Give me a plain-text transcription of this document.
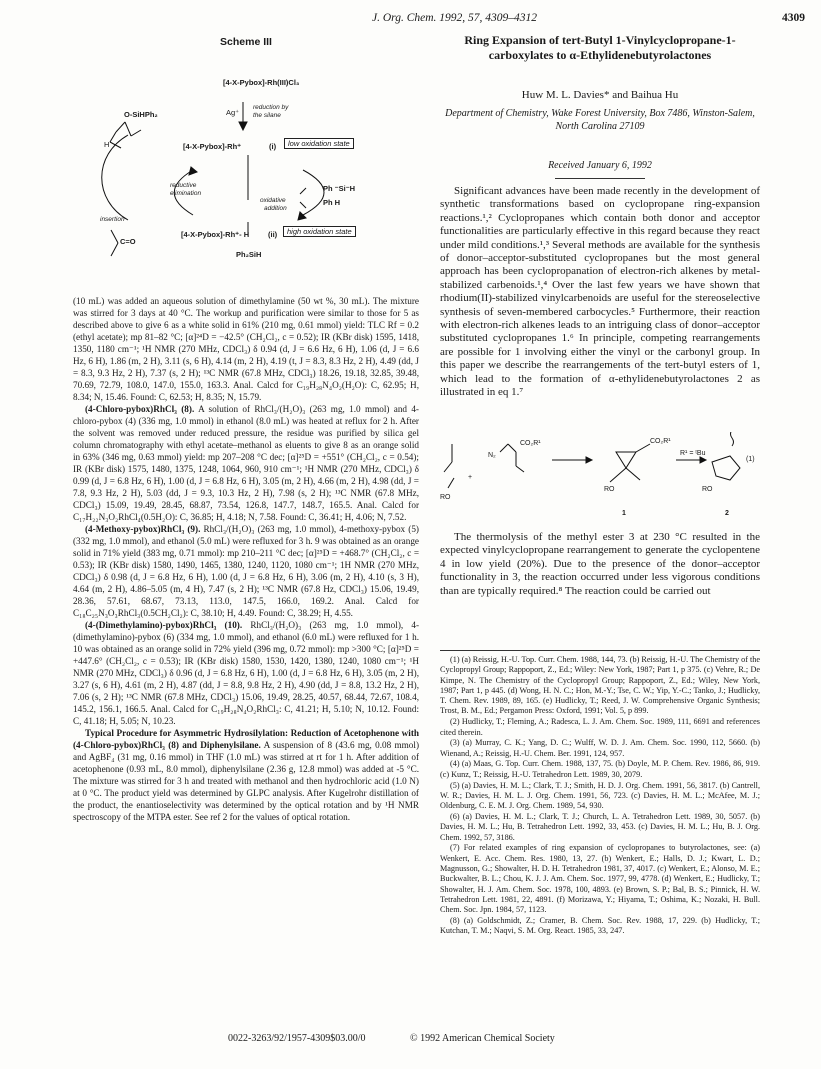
J. Org. Chem. 1992, 57, 4309–4312	4309
Scheme III
[4-X-Pybox]-Rh(III)Cl₃
Ag⁺
reduction by
the silane
O-SiHPh₂
H	[4-X-Pybox]-Rh⁺	(i)	low oxidation state
reductive
elimination
oxidative
addition
Ph ⁻Si⁻H
Ph H
insertion
[4-X-Pybox]-Rh⁺- H	(ii)	high oxidation state
C=O
Ph₂SiH

(10 mL) was added an aqueous solution of dimethylamine (50 wt %, 30 mL). The mixture was stirred for 3 days at 40 °C. The workup and purification were similar to those for 5 as described above to give 6 as a white solid in 61% (210 mg, 0.61 mmol) yield: TLC Rf = 0.2 (ethyl acetate); mp 81–82 °C; [α]²⁴D = −42.5° (CH₂Cl₂, c = 0.52); IR (KBr disk) 1595, 1418, 1350, 1180 cm⁻¹; ¹H NMR (270 MHz, CDCl₃) δ 0.94 (d, J = 6.6 Hz, 6 H), 1.06 (d, J = 6.6 Hz, 6 H), 1.86 (m, 2 H), 3.11 (s, 6 H), 4.14 (m, 2 H), 4.19 (t, J = 8.3, 8.3 Hz, 2 H), 4.49 (dd, J = 8.3, 9.3 Hz, 2 H), 7.37 (s, 2 H); ¹³C NMR (67.8 MHz, CDCl₃) 18.26, 19.18, 32.85, 39.48, 70.69, 72.79, 108.0, 147.0, 155.0, 163.3. Anal. Calcd for C₁₉H₂₈N₄O₂(H₂O): C, 62.95; H, 8.34; N, 15.46. Found: C, 62.53; H, 8.35; N, 15.79.

(4-Chloro-pybox)RhCl₃ (8). A solution of RhCl₃/(H₂O)₃ (263 mg, 1.0 mmol) and 4-chloro-pybox (4) (336 mg, 1.0 mmol) in ethanol (8.0 mL) was heated at reflux for 2 h. After the solvent was removed under reduced pressure, the residue was purified by silica gel column chromatography with ethyl acetate–methanol as eluents to give 8 as an orange solid in 63% (346 mg, 0.63 mmol) yield: mp 207–208 °C dec; [α]²⁵D = +551° (CH₂Cl₂, c = 0.54); IR (KBr disk) 1575, 1480, 1375, 1248, 1064, 960, 910 cm⁻¹; ¹H NMR (270 MHz, CDCl₃) δ 0.99 (d, J = 6.8 Hz, 6 H), 1.00 (d, J = 6.8 Hz, 6 H), 3.05 (m, 2 H), 4.66 (m, 2 H), 4.98 (dd, J = 7.8, 9.3 Hz, 2 H), 5.03 (dd, J = 9.3, 10.3 Hz, 2 H), 7.98 (s, 2 H); ¹³C NMR (67.8 MHz, CDCl₃) 15.09, 19.49, 28.45, 68.87, 73.54, 126.8, 147.7, 148.7, 165.5. Anal. Calcd for C₁₇H₂₂N₃O₂RhCl₄(0.5H₂O): C, 36.85; H, 4.18; N, 7.58. Found: C, 36.41; H, 4.06; N, 7.52.

(4-Methoxy-pybox)RhCl₃ (9). RhCl₃/(H₂O)₃ (263 mg, 1.0 mmol), 4-methoxy-pybox (5) (332 mg, 1.0 mmol), and ethanol (5.0 mL) were refluxed for 3 h. 9 was obtained as an orange solid in 71% yield (383 mg, 0.71 mmol): mp 210–211 °C dec; [α]²⁵D = +468.7° (CH₂Cl₂, c = 0.53); IR (KBr disk) 1580, 1490, 1465, 1380, 1240, 1120, 1080 cm⁻¹; 1H NMR (270 MHz, CDCl₃) δ 0.98 (d, J = 6.8 Hz, 6 H), 1.00 (d, J = 6.8 Hz, 6 H), 3.06 (m, 2 H), 4.10 (s, 3 H), 4.64 (m, 2 H), 4.86–5.05 (m, 4 H), 7.47 (s, 2 H); ¹³C NMR (67.8 Hz, CDCl₃) 15.06, 19.49, 28.36, 57.61, 68.67, 73.13, 113.0, 147.5, 166.0, 169.2. Anal. Calcd for C₁₈C₂₅N₃O₃RhCl₃(0.5CH₂Cl₂): C, 38.10; H, 4.49. Found: C, 38.29; H, 4.55.

(4-(Dimethylamino)-pybox)RhCl₃ (10). RhCl₃/(H₂O)₃ (263 mg, 1.0 mmol), 4-(dimethylamino)-pybox (6) (334 mg, 1.0 mmol), and ethanol (6.0 mL) were refluxed for 1 h. 10 was obtained as an orange solid in 72% yield (396 mg, 0.72 mmol): mp >300 °C; [α]²⁵D = +447.6° (CH₂Cl₂, c = 0.53); IR (KBr disk) 1580, 1530, 1420, 1380, 1240, 1080 cm⁻¹; ¹H NMR (270 MHz, CDCl₃) δ 0.96 (d, J = 6.8 Hz, 6 H), 1.00 (d, J = 6.8 Hz, 6 H), 3.05 (m, 2 H), 3.27 (s, 6 H), 4.61 (m, 2 H), 4.87 (dd, J = 8.8, 9.8 Hz, 2 H), 4.90 (dd, J = 8.8, 13.2 Hz, 2 H), 7.06 (s, 2 H); ¹³C NMR (67.8 MHz, CDCl₃) 15.06, 19.49, 28.25, 40.57, 68.44, 72.67, 108.4, 145.2, 156.1, 166.5. Anal. Calcd for C₁₉H₂₈N₄O₂RhCl₃: C, 41.21; H, 5.10; N, 10.12. Found: C, 41.18; H, 5.05; N, 10.23.

Typical Procedure for Asymmetric Hydrosilylation: Reduction of Acetophenone with (4-Chloro-pybox)RhCl₃ (8) and Diphenylsilane. A suspension of 8 (43.6 mg, 0.08 mmol) and AgBF₄ (31 mg, 0.16 mmol) in THF (1.0 mL) was stirred at rt for 1 h. After addition of acetophenone (0.93 mL, 8.0 mmol), diphenylsilane (2.36 g, 12.8 mmol) was added at -5 °C. The mixture was stirred for 3 h and treated with methanol and then hydrochloric acid (1.0 N) at 0 °C. The product yield was determined by GLPC analysis. After Kugelrohr distillation of the product, the enantioselectivity was determined by the optical rotation and by ¹H NMR spectroscopy of the MTPA ester. See ref 2 for the values of optical rotation.

Ring Expansion of tert-Butyl 1-Vinylcyclopropane-1-carboxylates to α-Ethylidenebutyrolactones
Huw M. L. Davies* and Baihua Hu
Department of Chemistry, Wake Forest University, Box 7486, Winston-Salem, North Carolina 27109
Received January 6, 1992

Significant advances have been made recently in the development of synthetic transformations based on cyclopropane ring-expansion reactions.¹,² Cyclopropanes which contain both donor and acceptor functionalities are particularly effective in this regard because they react under mild conditions.¹,³ Several methods are available for the synthesis of donor–acceptor-substituted cyclopropanes but the most general approach has been cyclopropanation of electron-rich alkenes by metal-stabilized carbenoids.¹,⁴ Over the last few years we have shown that rhodium(II)-stabilized vinylcarbenoids are useful for the stereoselective synthesis of seven-membered carbocycles.⁵ Furthermore, their reaction with electron-rich alkenes leads to an intriguing class of donor–acceptor substituted cyclopropanes 1.⁶ In principle, competing rearrangements are possible for 1 involving either the vinyl or the carbonyl group. In this paper we describe the rearrangements of the tert-butyl esters of 1, which lead to the formation of α-ethylidenebutyrolactones 2 as illustrated in eq 1.⁷

N₂
CO₂R¹
+
RO
CO₂R¹
RO
R¹ = ᵗBu
RO
(1)
1	2

The thermolysis of the methyl ester 3 at 230 °C resulted in the expected vinylcyclopropane rearrangement to generate the cyclopentene 4 in low yield (20%). Due to the presence of the donor–acceptor functionality in 3, the reaction occurred under less vigorous conditions than are typically required.⁸ The reaction could be carried out

(1) (a) Reissig, H.-U. Top. Curr. Chem. 1988, 144, 73. (b) Reissig, H.-U. The Chemistry of the Cyclopropyl Group; Rappoport, Z., Ed.; Wiley: New York, 1987; Part 1, p 375. (c) Vehre, R.; De Kimpe, N. The Chemistry of the Cyclopropyl Group; Rappoport, Z., Ed.; Wiley, New York, 1987; Part 1, p 445. (d) Wong, H. N. C.; Hon, M.-Y.; Tse, C. W.; Yip, Y.-C.; Tanko, J.; Hudlicky, T. Chem. Rev. 1989, 89, 165. (e) Hudlicky, T.; Reed, J. W. Comprehensive Organic Synthesis; Trost, B. M., Ed.; Pergamon Press: Oxford, 1991; Vol. 5, p 899.

(2) Hudlicky, T.; Fleming, A.; Radesca, L. J. Am. Chem. Soc. 1989, 111, 6691 and references cited therein.

(3) (a) Murray, C. K.; Yang, D. C.; Wulff, W. D. J. Am. Chem. Soc. 1990, 112, 5660. (b) Wienand, A.; Reissig, H.-U. Chem. Ber. 1991, 124, 957.

(4) (a) Maas, G. Top. Curr. Chem. 1988, 137, 75. (b) Doyle, M. P. Chem. Rev. 1986, 86, 919. (c) Kunz, T.; Reissig, H.-U. Tetrahedron Lett. 1989, 30, 2079.

(5) (a) Davies, H. M. L.; Clark, T. J.; Smith, H. D. J. Org. Chem. 1991, 56, 3817. (b) Cantrell, W. R.; Davies, H. M. L. J. Org. Chem. 1991, 56, 723. (c) Davies, H. M. L.; McAfee, M. J.; Oldenburg, C. E. M. J. Org. Chem. 1989, 54, 930.

(6) (a) Davies, H. M. L.; Clark, T. J.; Church, L. A. Tetrahedron Lett. 1989, 30, 5057. (b) Davies, H. M. L.; Hu, B. Tetrahedron Lett. 1992, 33, 453. (c) Davies, H. M. L.; Hu, B. J. Org. Chem. 1992, 57, 3186.

(7) For related examples of ring expansion of cyclopropanes to butyrolactones, see: (a) Wenkert, E. Acc. Chem. Res. 1980, 13, 27. (b) Wenkert, E.; Halls, D. J.; Kwart, L. D.; Magnusson, G.; Showalter, H. D. H. Tetrahedron 1981, 37, 4017. (c) Wenkert, E.; Alonso, M. E.; Buckwalter, B. L.; Chou, K. J. J. Am. Chem. Soc. 1977, 99, 4778. (d) Wenkert, E.; Hudlicky, T.; Showalter, H. J. Am. Chem. Soc. 1978, 100, 4893. (e) Brown, S. P.; Bal, B. S.; Pinnick, H. W. Tetrahedron Lett. 1981, 22, 4891. (f) Morizawa, Y.; Hiyama, T.; Oshima, K.; Nozaki, H. Bull. Chem. Soc. Jpn. 1984, 57, 1123.

(8) (a) Goldschmidt, Z.; Cramer, B. Chem. Soc. Rev. 1988, 17, 229. (b) Hudlicky, T.; Kutchan, T. M.; Naqvi, S. M. Org. React. 1985, 33, 247.

0022-3263/92/1957-4309$03.00/0	© 1992 American Chemical Society
